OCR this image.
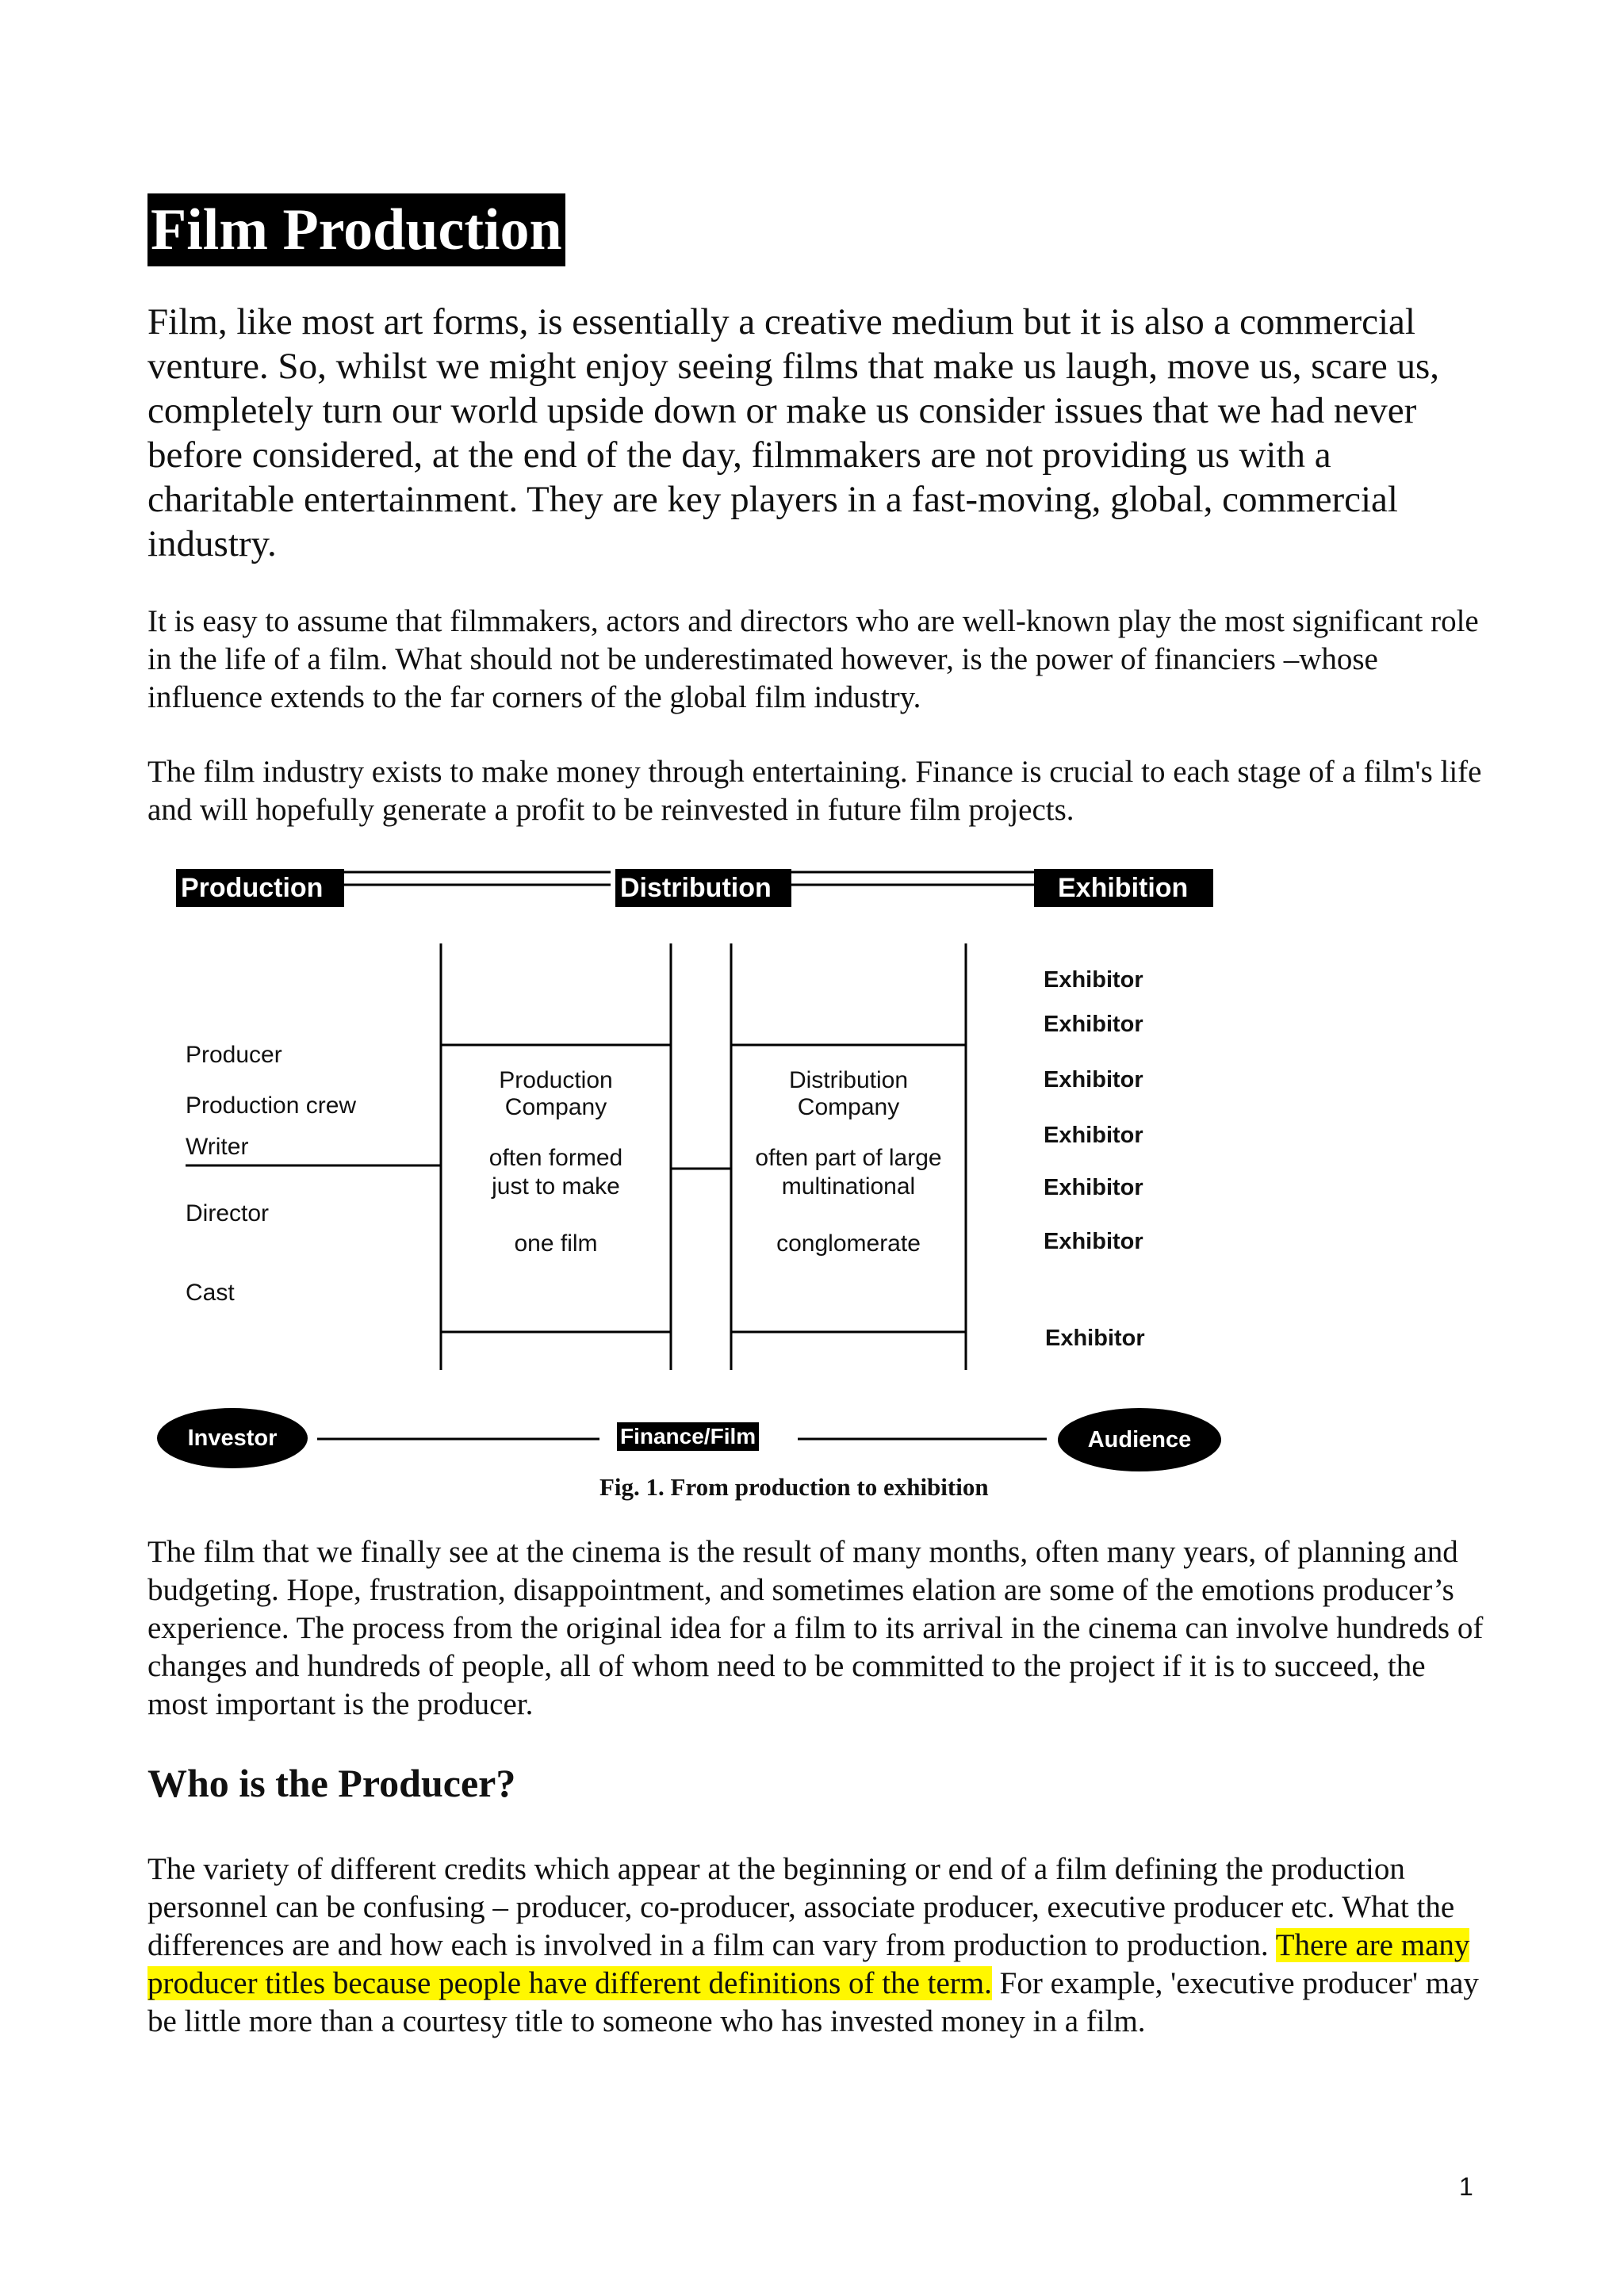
Film Production
Film, like most art forms, is essentially a creative medium but it is also a commercial venture. So, whilst we might enjoy seeing films that make us laugh, move us, scare us, completely turn our world upside down or make us consider issues that we had never before considered, at the end of the day, filmmakers are not providing us with a charitable entertainment. They are key players in a fast-moving, global, commercial industry.
It is easy to assume that filmmakers, actors and directors who are well-known play the most significant role in the life of a film. What should not be underestimated however, is the power of financiers –whose influence extends to the far corners of the global film industry.
The film industry exists to make money through entertaining. Finance is crucial to each stage of a film's life and will hopefully generate a profit to be reinvested in future film projects.
Production	Distribution	Exhibition
Producer
Production crew
Writer
Director
Cast
Production
Company
often formed
just to make
one film
Distribution
Company
often part of large
multinational
conglomerate
Exhibitor
Exhibitor
Exhibitor
Exhibitor
Exhibitor
Exhibitor
Exhibitor
Investor	Finance/Film	Audience
Fig. 1. From production to exhibition
The film that we finally see at the cinema is the result of many months, often many years, of planning and budgeting. Hope, frustration, disappointment, and sometimes elation are some of the emotions producer’s experience. The process from the original idea for a film to its arrival in the cinema can involve hundreds of changes and hundreds of people, all of whom need to be committed to the project if it is to succeed, the most important is the producer.
Who is the Producer?
The variety of different credits which appear at the beginning or end of a film defining the production personnel can be confusing – producer, co-producer, associate producer, executive producer etc. What the differences are and how each is involved in a film can vary from production to production. There are many producer titles because people have different definitions of the term. For example, 'executive producer' may be little more than a courtesy title to someone who has invested money in a film.
1
